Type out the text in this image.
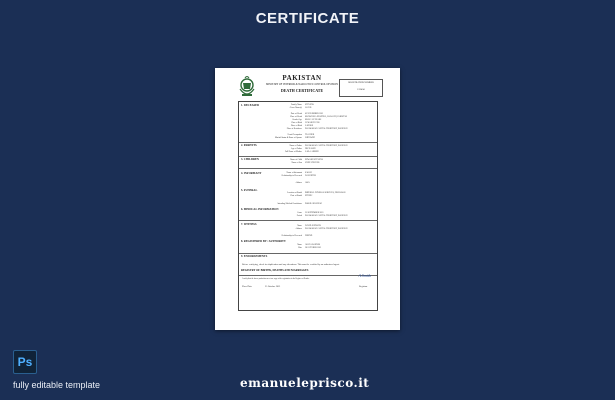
CERTIFICATE
PAKISTAN
MINISTRY OF INTERIOR & NARCOTICS CONTROL DIVISION
DEATH CERTIFICATE
REGISTRATION NUMBER
123456
1. DECEASED	Family Name STEVENS
Given Name(s) JACOB
Date of Death 03 NOVEMBER 2021
Place of Death MANSOORA HOSPITAL, KARACHI, PAKISTAN
Gender/Age MALE / 83 YEARS
Date of Birth 25 MARCH 1938
Place of Birth LAHORE
Place of Residence ISLAMABAD CAPITAL TERRITORY, PAKISTAN
Usual Occupation TEACHER
Marital Status & Name of Spouse WIDOWED
2. PARENTS	Name of Father ISLAMABAD CAPITAL TERRITORY, PAKISTAN
Age of Father DECEASED
Full Name of Mother LAILA AHMED
3. CHILDREN	Name of Child EDWARD STEVENS
Name of Son JOHN STEVENS
4. INFORMANT	Name of Informant SARAH
Relationship to Deceased DAUGHTER
Address 100%
5. FUNERAL
Location of Burial IMPERIAL FUNERAL SERVICES, PESHAWAR
Date of Burial ETHNIC
Attending Medical Practitioner ISMAIL SHAHZAD
6. MEDICAL INFORMATION
Cause 25 SEPTEMBER 2021
Period ISLAMABAD CAPITAL TERRITORY, PAKISTAN
7. WITNESS	Name DAVID JOHNSON
Address ISLAMABAD CAPITAL TERRITORY, PAKISTAN
Relationship to Deceased FRIEND
8. REGISTERED BY / AUTHORITY
Name ALICIA BARNES
Date 28 OCTOBER 2021
9. ENDORSEMENTS
Before certifying, check for duplication and any alterations. This must be certified by an authorized agent.
REGISTRY OF BIRTHS, DEATHS AND MARRIAGES
I certify that the above particulars are a true copy of the registration in the Register of Deaths.
A.Smith
Place/Date	25 October 2021	Registrar
Ps
fully editable template	emanueleprisco.it
